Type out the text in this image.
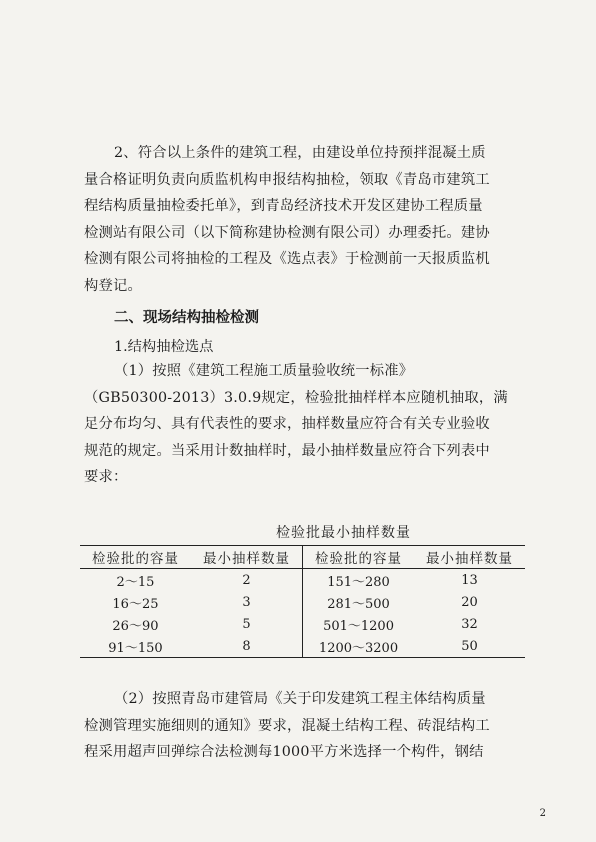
2、符合以上条件的建筑工程，由建设单位持预拌混凝土质
量合格证明负责向质监机构申报结构抽检，领取《青岛市建筑工
程结构质量抽检委托单》，到青岛经济技术开发区建协工程质量
检测站有限公司（以下简称建协检测有限公司）办理委托。建协
检测有限公司将抽检的工程及《选点表》于检测前一天报质监机
构登记。
二、现场结构抽检检测
1.结构抽检选点
（1）按照《建筑工程施工质量验收统一标准》
（GB50300-2013）3.0.9规定，检验批抽样样本应随机抽取，满
足分布均匀、具有代表性的要求，抽样数量应符合有关专业验收
规范的规定。当采用计数抽样时，最小抽样数量应符合下列表中
要求：
检验批最小抽样数量
检验批的容量	最小抽样数量	检验批的容量	最小抽样数量
2～15	2	151～280	13
16～25	3	281～500	20
26～90	5	501～1200	32
91～150	8	1200～3200	50
（2）按照青岛市建管局《关于印发建筑工程主体结构质量
检测管理实施细则的通知》要求，混凝土结构工程、砖混结构工
程采用超声回弹综合法检测每1000平方米选择一个构件，钢结
2
